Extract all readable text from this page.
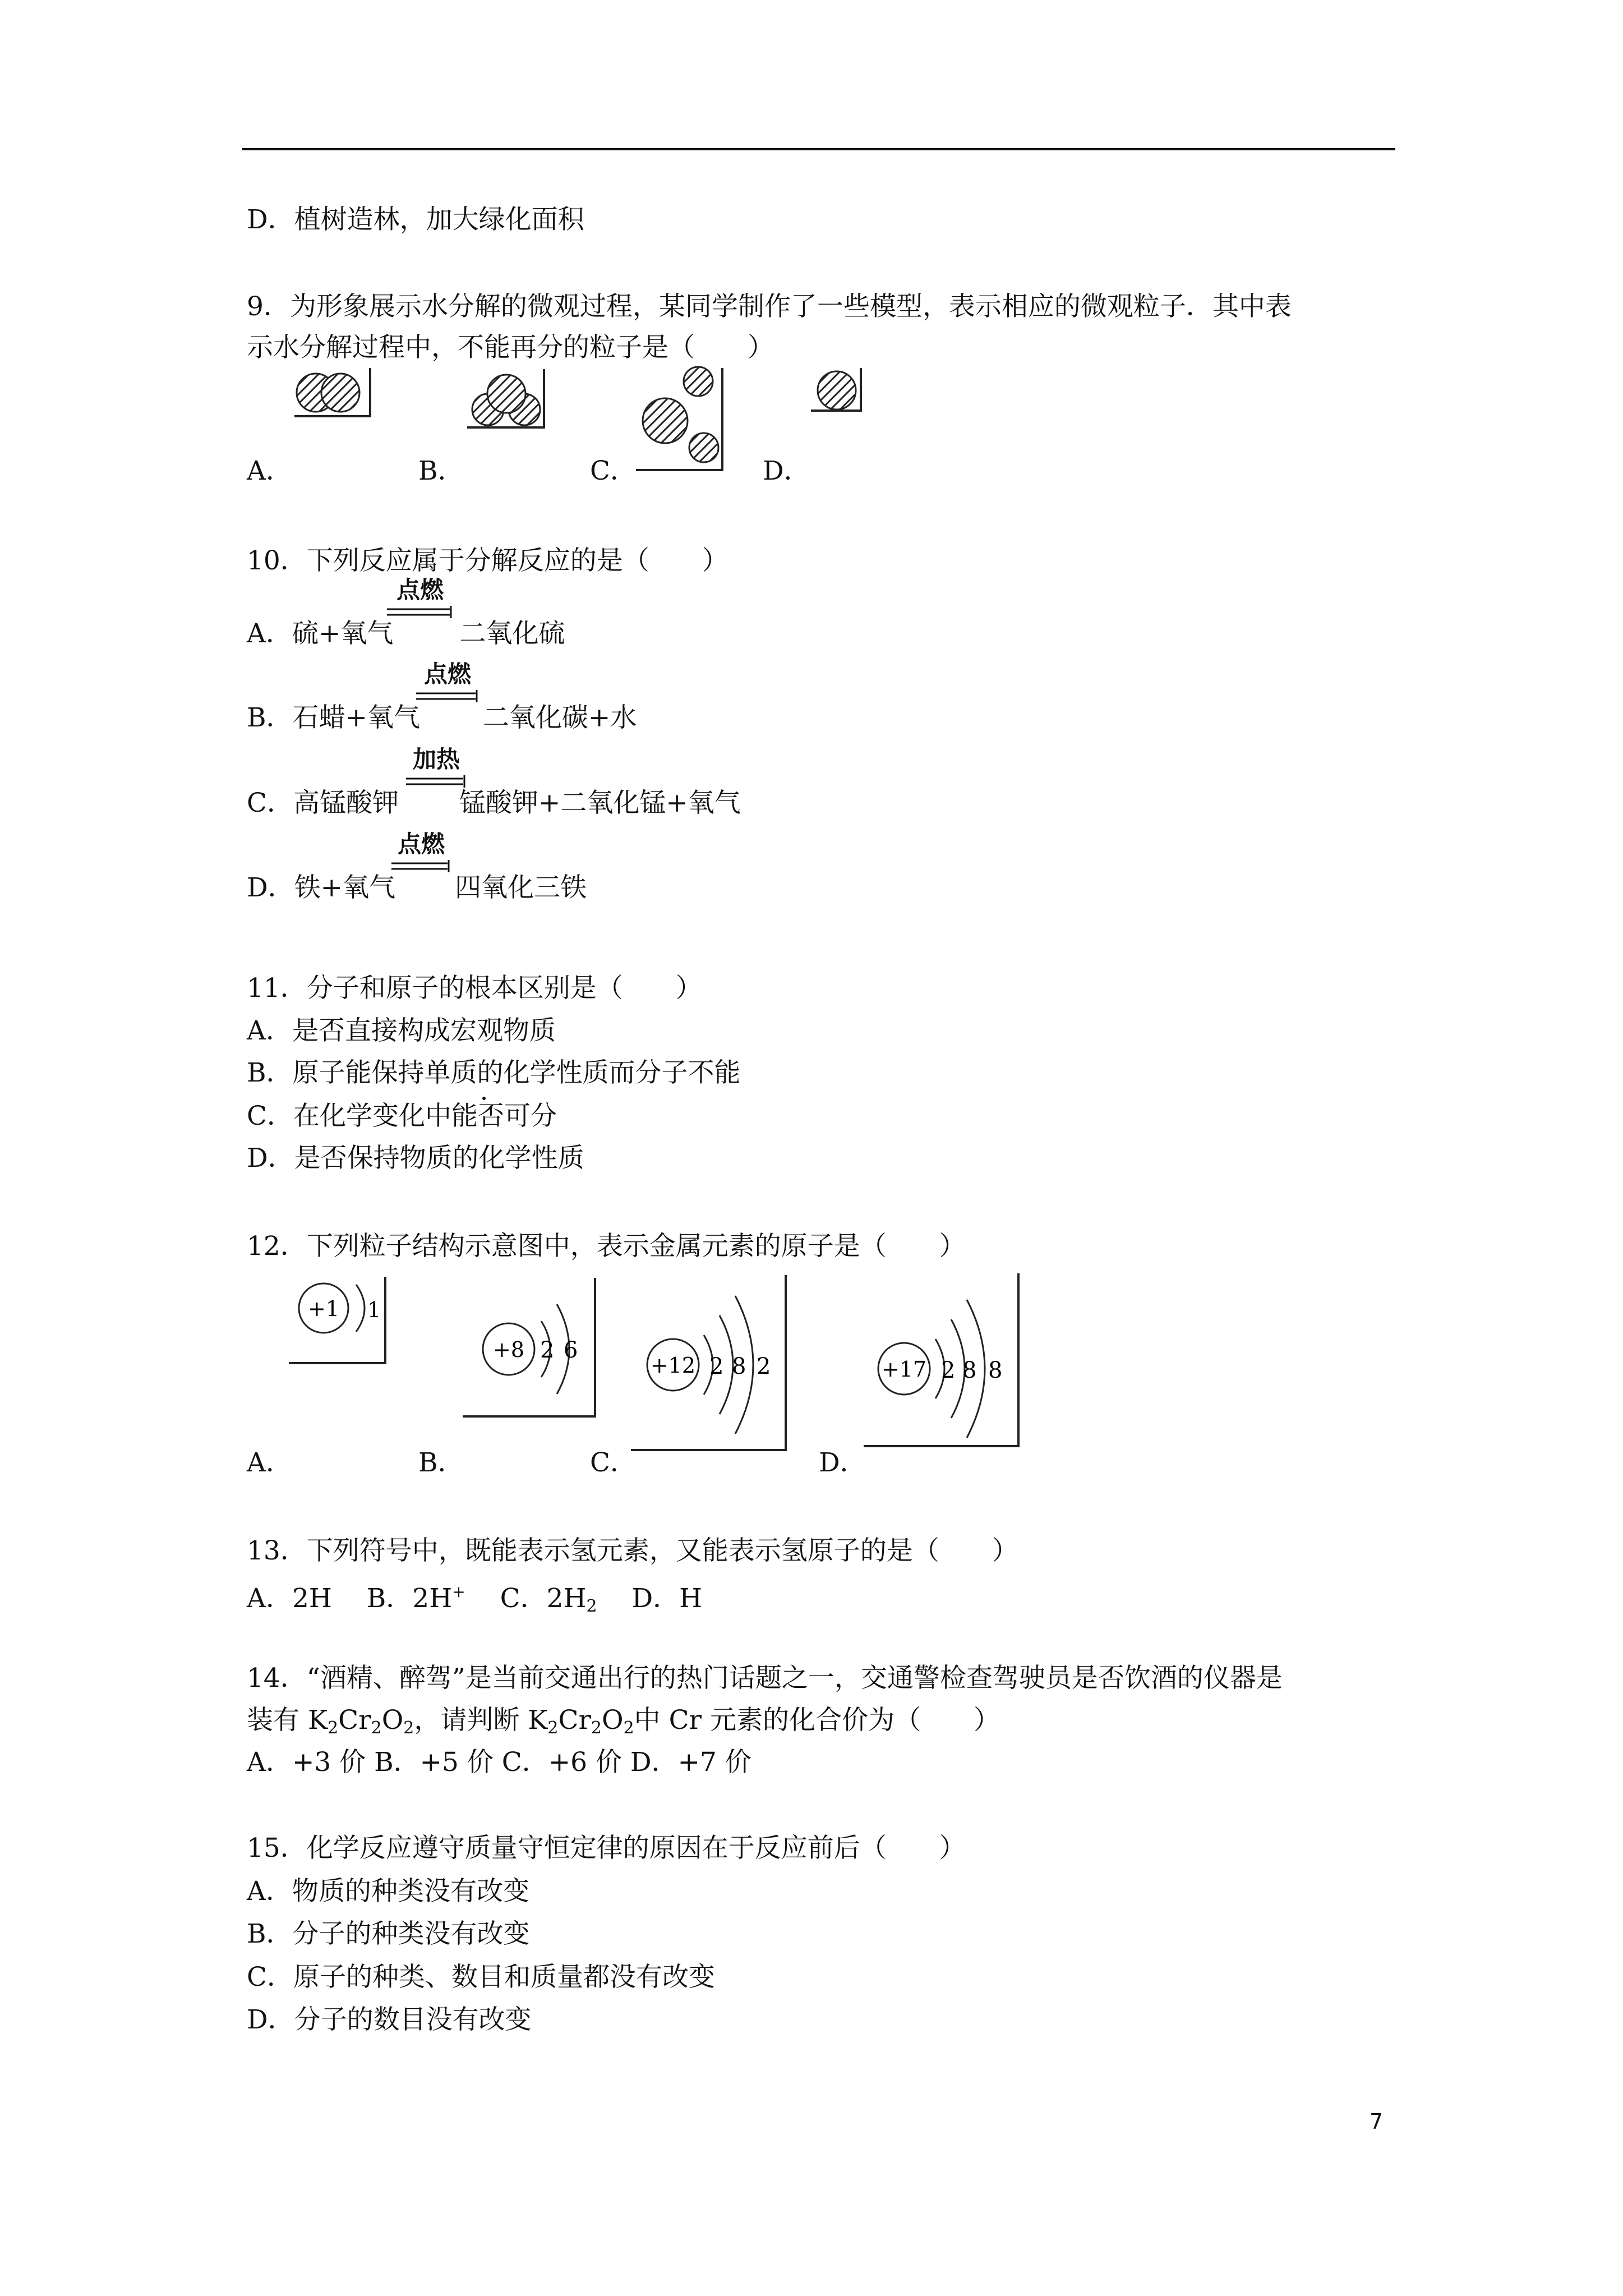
D．植树造林，加大绿化面积
9．为形象展示水分解的微观过程，某同学制作了一些模型，表示相应的微观粒子．其中表
示水分解过程中，不能再分的粒子是（　　）
A．	B．	C．	D．
10．下列反应属于分解反应的是（　　）
A．硫+氧气	二氧化硫
点燃
B．石蜡+氧气 二氧化碳+水
点燃
C．高锰酸钾 锰酸钾+二氧化锰+氧气
加热
D．铁+氧气 四氧化三铁
点燃
11．分子和原子的根本区别是（　　）
A．是否直接构成宏观物质
B．原子能保持单质的化学性质而分子不能
C．在化学变化中能否可分
D．是否保持物质的化学性质
12．下列粒子结构示意图中，表示金属元素的原子是（　　）
+1 1
+8 2 6
+12 2 8 2	+17 2 8 8
A．	B．	C．	D．
13．下列符号中，既能表示氢元素，又能表示氢原子的是（　　）
A．2H　 B．2H+　 C．$2H_2$　 D．H
14．“酒精、醉驾”是当前交通出行的热门话题之一，交通警检查驾驶员是否饮酒的仪器是
装有 $K_2Cr_2O_2$，请判断 $K_2Cr_2O_2$中 Cr 元素的化合价为（　　）
A．+3 价 B．+5 价 C．+6 价 D．+7 价
15．化学反应遵守质量守恒定律的原因在于反应前后（　　）
A．物质的种类没有改变
B．分子的种类没有改变
C．原子的种类、数目和质量都没有改变
D．分子的数目没有改变
7
